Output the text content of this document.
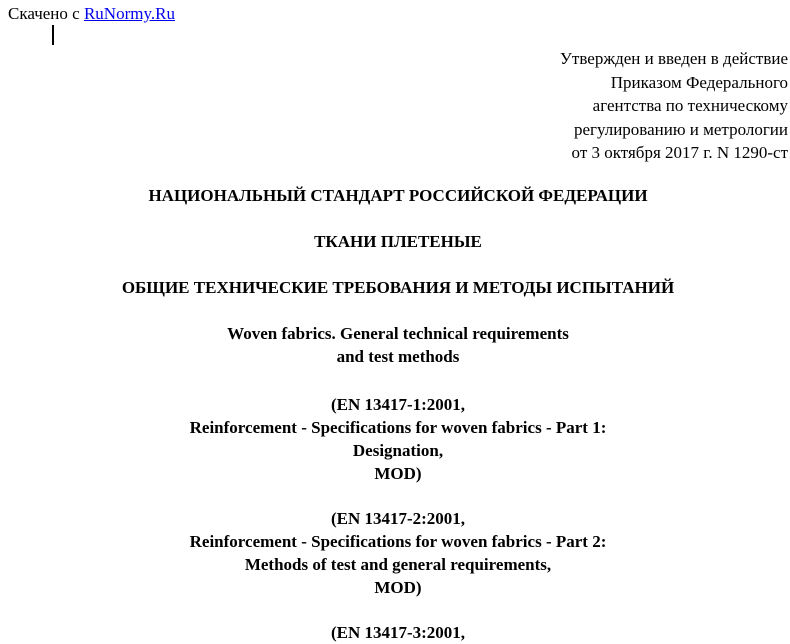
Скачено с RuNormy.Ru
Утвержден и введен в действие
Приказом Федерального
агентства по техническому
регулированию и метрологии
от 3 октября 2017 г. N 1290-ст
НАЦИОНАЛЬНЫЙ СТАНДАРТ РОССИЙСКОЙ ФЕДЕРАЦИИ
ТКАНИ ПЛЕТЕНЫЕ
ОБЩИЕ ТЕХНИЧЕСКИЕ ТРЕБОВАНИЯ И МЕТОДЫ ИСПЫТАНИЙ
Woven fabrics. General technical requirements
and test methods
(EN 13417-1:2001,
Reinforcement - Specifications for woven fabrics - Part 1:
Designation,
MOD)
(EN 13417-2:2001,
Reinforcement - Specifications for woven fabrics - Part 2:
Methods of test and general requirements,
MOD)
(EN 13417-3:2001,
